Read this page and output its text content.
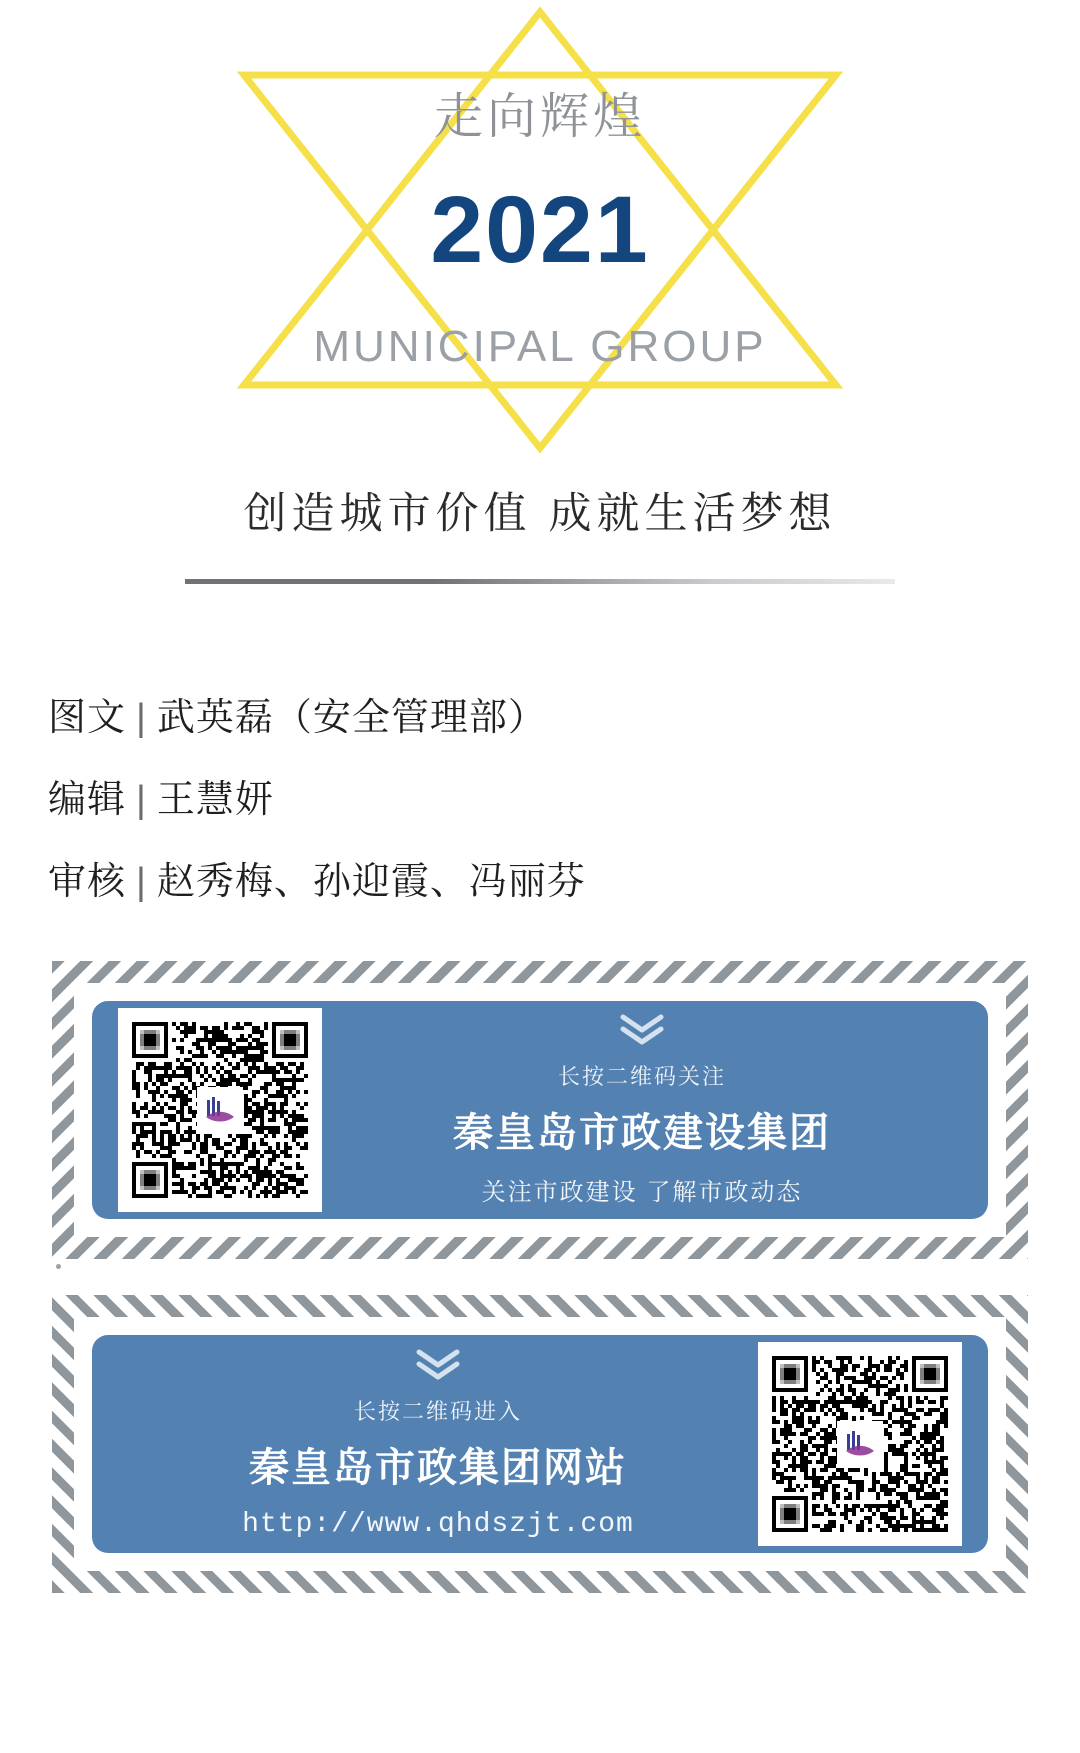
走向辉煌
2021
MUNICIPAL GROUP
创造城市价值 成就生活梦想
图文 | 武英磊（安全管理部）
编辑 | 王慧妍
审核 | 赵秀梅、孙迎霞、冯丽芬
长按二维码关注
秦皇岛市政建设集团
关注市政建设 了解市政动态
长按二维码进入
秦皇岛市政集团网站
http://www.qhdszjt.com
